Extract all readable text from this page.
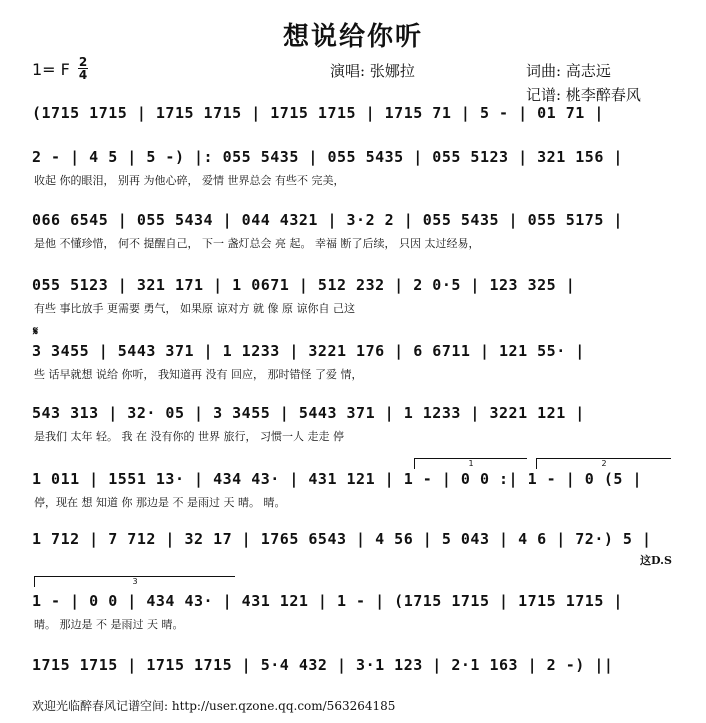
想说给你听
1= F 2
4	演唱: 张娜拉	词曲: 高志远
记谱: 桃李醉春风
(1715 1715 | 1715 1715 | 1715 1715 | 1715 71 | 5 - | 01 71 |
2 - | 4 5 | 5 -) |: 055 5435 | 055 5435 | 055 5123 | 321 156 |
收起 你的眼泪， 别再 为他心碎， 爱情 世界总会 有些不 完美，
066 6545 | 055 5434 | 044 4321 | 3·2 2 | 055 5435 | 055 5175 |
是他 不懂珍惜， 何不 提醒自己， 下一 盏灯总会 亮 起。 幸福 断了后续， 只因 太过经易，
055 5123 | 321 171 | 1 0671 | 512 232 | 2 0·5 | 123 325 |
有些 事比放手 更需要 勇气， 如果原 谅对方 就 像 原 谅你自 己这
𝄋
3 3455 | 5443 371 | 1 1233 | 3221 176 | 6 6711 | 121 55· |
些 话早就想 说给 你听， 我知道再 没有 回应， 那时错怪 了爱 情，
543 313 | 32· 05 | 3 3455 | 5443 371 | 1 1233 | 3221 121 |
是我们 太年 轻。 我 在 没有你的 世界 旅行， 习惯一人 走走 停
1	2
1 011 | 1551 13· | 434 43· | 431 121 | 1 - | 0 0 :| 1 - | 0 (5 |
停，现在 想 知道 你 那边是 不 是雨过 天 晴。 晴。
1 712 | 7 712 | 32 17 | 1765 6543 | 4 56 | 5 043 | 4 6 | 72·) 5 |
这D.S
3
1 - | 0 0 | 434 43· | 431 121 | 1 - | (1715 1715 | 1715 1715 |
晴。 那边是 不 是雨过 天 晴。
1715 1715 | 1715 1715 | 5·4 432 | 3·1 123 | 2·1 163 | 2 -) ||
欢迎光临醉春风记谱空间: http://user.qzone.qq.com/563264185
